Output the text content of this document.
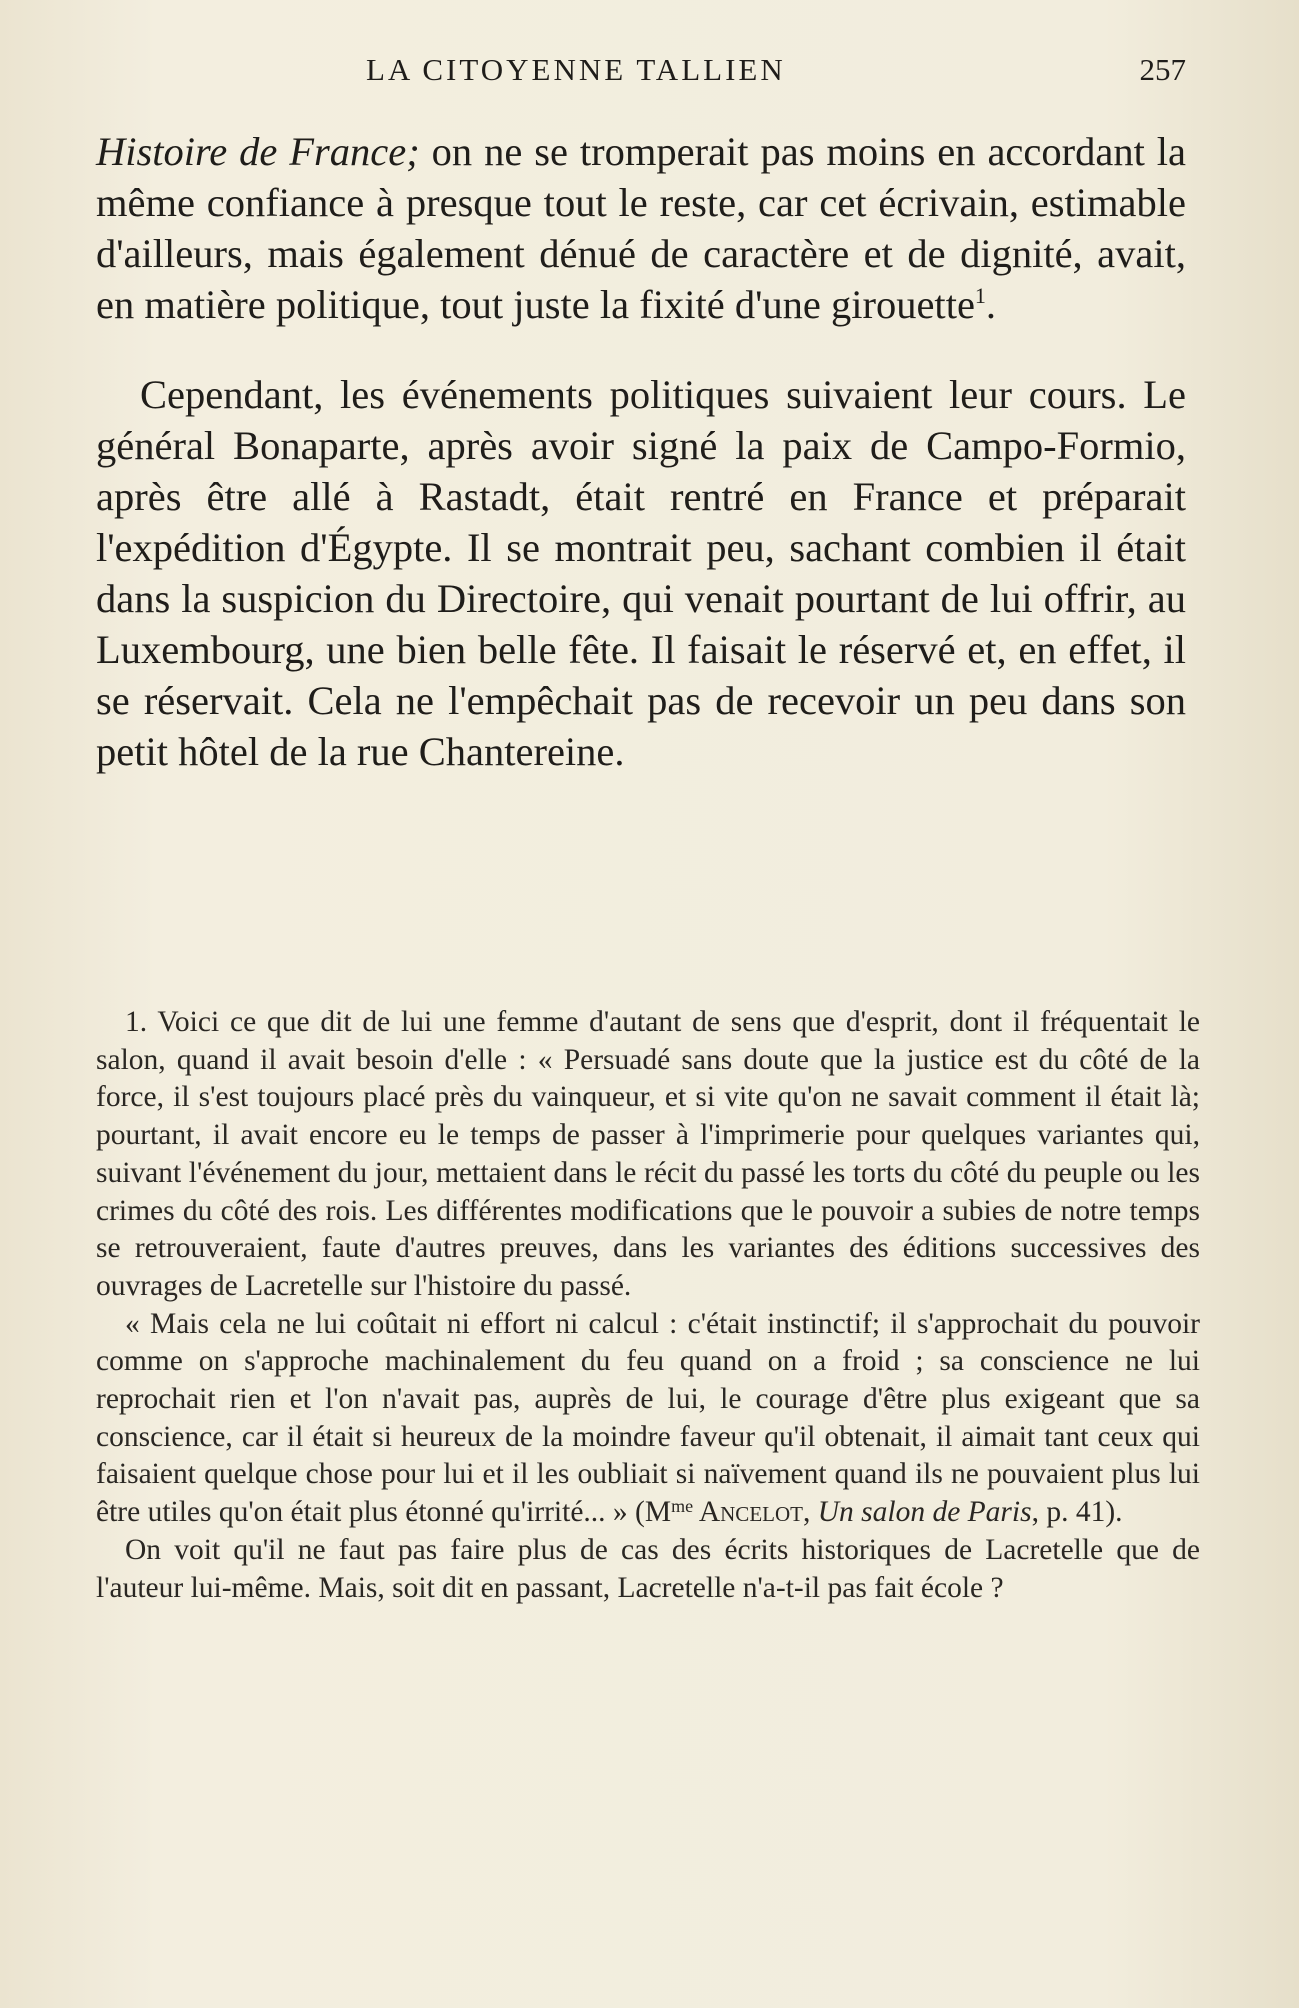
LA CITOYENNE TALLIEN	257

Histoire de France; on ne se tromperait pas moins en accordant la même confiance à presque tout le reste, car cet écrivain, estimable d'ailleurs, mais également dénué de caractère et de dignité, avait, en matière politique, tout juste la fixité d'une girouette$^1$.

Cependant, les événements politiques suivaient leur cours. Le général Bonaparte, après avoir signé la paix de Campo-Formio, après être allé à Rastadt, était rentré en France et préparait l'expédition d'Égypte. Il se montrait peu, sachant combien il était dans la suspicion du Directoire, qui venait pourtant de lui offrir, au Luxembourg, une bien belle fête. Il faisait le réservé et, en effet, il se réservait. Cela ne l'empêchait pas de recevoir un peu dans son petit hôtel de la rue Chantereine.

1. Voici ce que dit de lui une femme d'autant de sens que d'esprit, dont il fréquentait le salon, quand il avait besoin d'elle : « Persuadé sans doute que la justice est du côté de la force, il s'est toujours placé près du vainqueur, et si vite qu'on ne savait comment il était là; pourtant, il avait encore eu le temps de passer à l'imprimerie pour quelques variantes qui, suivant l'événement du jour, mettaient dans le récit du passé les torts du côté du peuple ou les crimes du côté des rois. Les différentes modifications que le pouvoir a subies de notre temps se retrouveraient, faute d'autres preuves, dans les variantes des éditions successives des ouvrages de Lacretelle sur l'histoire du passé.

« Mais cela ne lui coûtait ni effort ni calcul : c'était instinctif; il s'approchait du pouvoir comme on s'approche machinalement du feu quand on a froid ; sa conscience ne lui reprochait rien et l'on n'avait pas, auprès de lui, le courage d'être plus exigeant que sa conscience, car il était si heureux de la moindre faveur qu'il obtenait, il aimait tant ceux qui faisaient quelque chose pour lui et il les oubliait si naïvement quand ils ne pouvaient plus lui être utiles qu'on était plus étonné qu'irrité... » ($M^{me}$ Ancelot, Un salon de Paris, p. 41).

On voit qu'il ne faut pas faire plus de cas des écrits historiques de Lacretelle que de l'auteur lui-même. Mais, soit dit en passant, Lacretelle n'a-t-il pas fait école ?
